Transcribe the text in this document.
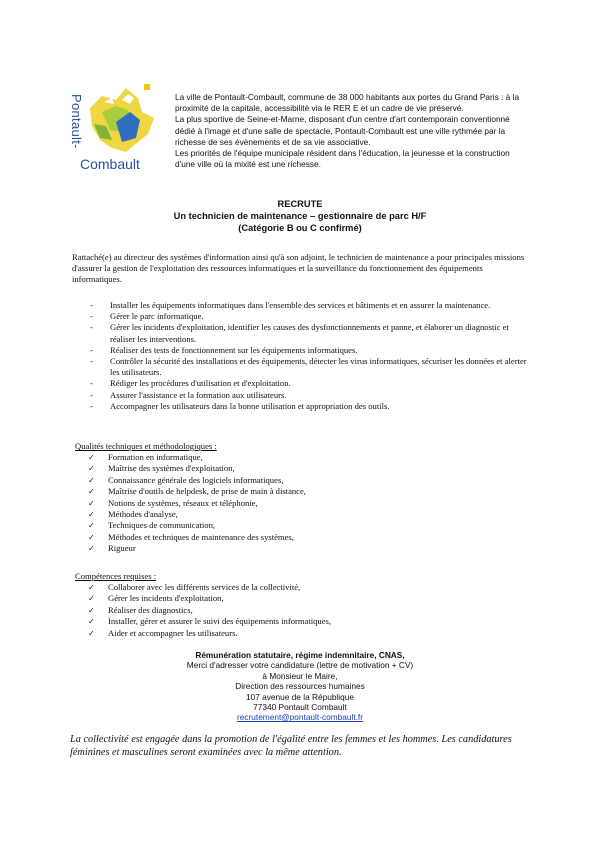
Pontault-
Combault

La ville de Pontault-Combault, commune de 38 000 habitants aux portes du Grand Paris : à la proximité de la capitale, accessibilité via le RER E et un cadre de vie préservé.

La plus sportive de Seine-et-Marne, disposant d'un centre d'art contemporain conventionné dédié à l'image et d'une salle de spectacle, Pontault-Combault est une ville rythmée par la richesse de ses évènements et de sa vie associative.

Les priorités de l'équipe municipale résident dans l'éducation, la jeunesse et la construction d'une ville où la mixité est une richesse.

RECRUTE
Un technicien de maintenance – gestionnaire de parc H/F
(Catégorie B ou C confirmé)

Rattaché(e) au directeur des systèmes d'information ainsi qu'à son adjoint, le technicien de maintenance a pour principales missions d'assurer la gestion de l'exploitation des ressources informatiques et la surveillance du fonctionnement des équipements informatiques.

- Installer les équipements informatiques dans l'ensemble des services et bâtiments et en assurer la maintenance.
- Gérer le parc informatique.
- Gérer les incidents d'exploitation, identifier les causes des dysfonctionnements et panne, et élaborer un diagnostic et réaliser les interventions.
- Réaliser des tests de fonctionnement sur les équipements informatiques.
- Contrôler la sécurité des installations et des équipements, détecter les virus informatiques, sécuriser les données et alerter les utilisateurs.
- Rédiger les procédures d'utilisation et d'exploitation.
- Assurer l'assistance et la formation aux utilisateurs.
- Accompagner les utilisateurs dans la bonne utilisation et appropriation des outils.
Qualités techniques et méthodologiques :
✓ Formation en informatique,
✓ Maîtrise des systèmes d'exploitation,
✓ Connaissance générale des logiciels informatiques,
✓ Maîtrise d'outils de helpdesk, de prise de main à distance,
✓ Notions de systèmes, réseaux et téléphonie,
✓ Méthodes d'analyse,
✓ Techniques de communication,
✓ Méthodes et techniques de maintenance des systèmes,
✓ Rigueur
Compétences requises :
✓ Collaborer avec les différents services de la collectivité,
✓ Gérer les incidents d'exploitation,
✓ Réaliser des diagnostics,
✓ Installer, gérer et assurer le suivi des équipements informatiques,
✓ Aider et accompagner les utilisateurs.
Rémunération statutaire, régime indemnitaire, CNAS,
Merci d'adresser votre candidature (lettre de motivation + CV)
à Monsieur le Maire,
Direction des ressources humaines
107 avenue de la République
77340 Pontault Combault
recrutement@pontault-combault.fr
La collectivité est engagée dans la promotion de l'égalité entre les femmes et les hommes. Les candidatures féminines et masculines seront examinées avec la même attention.
